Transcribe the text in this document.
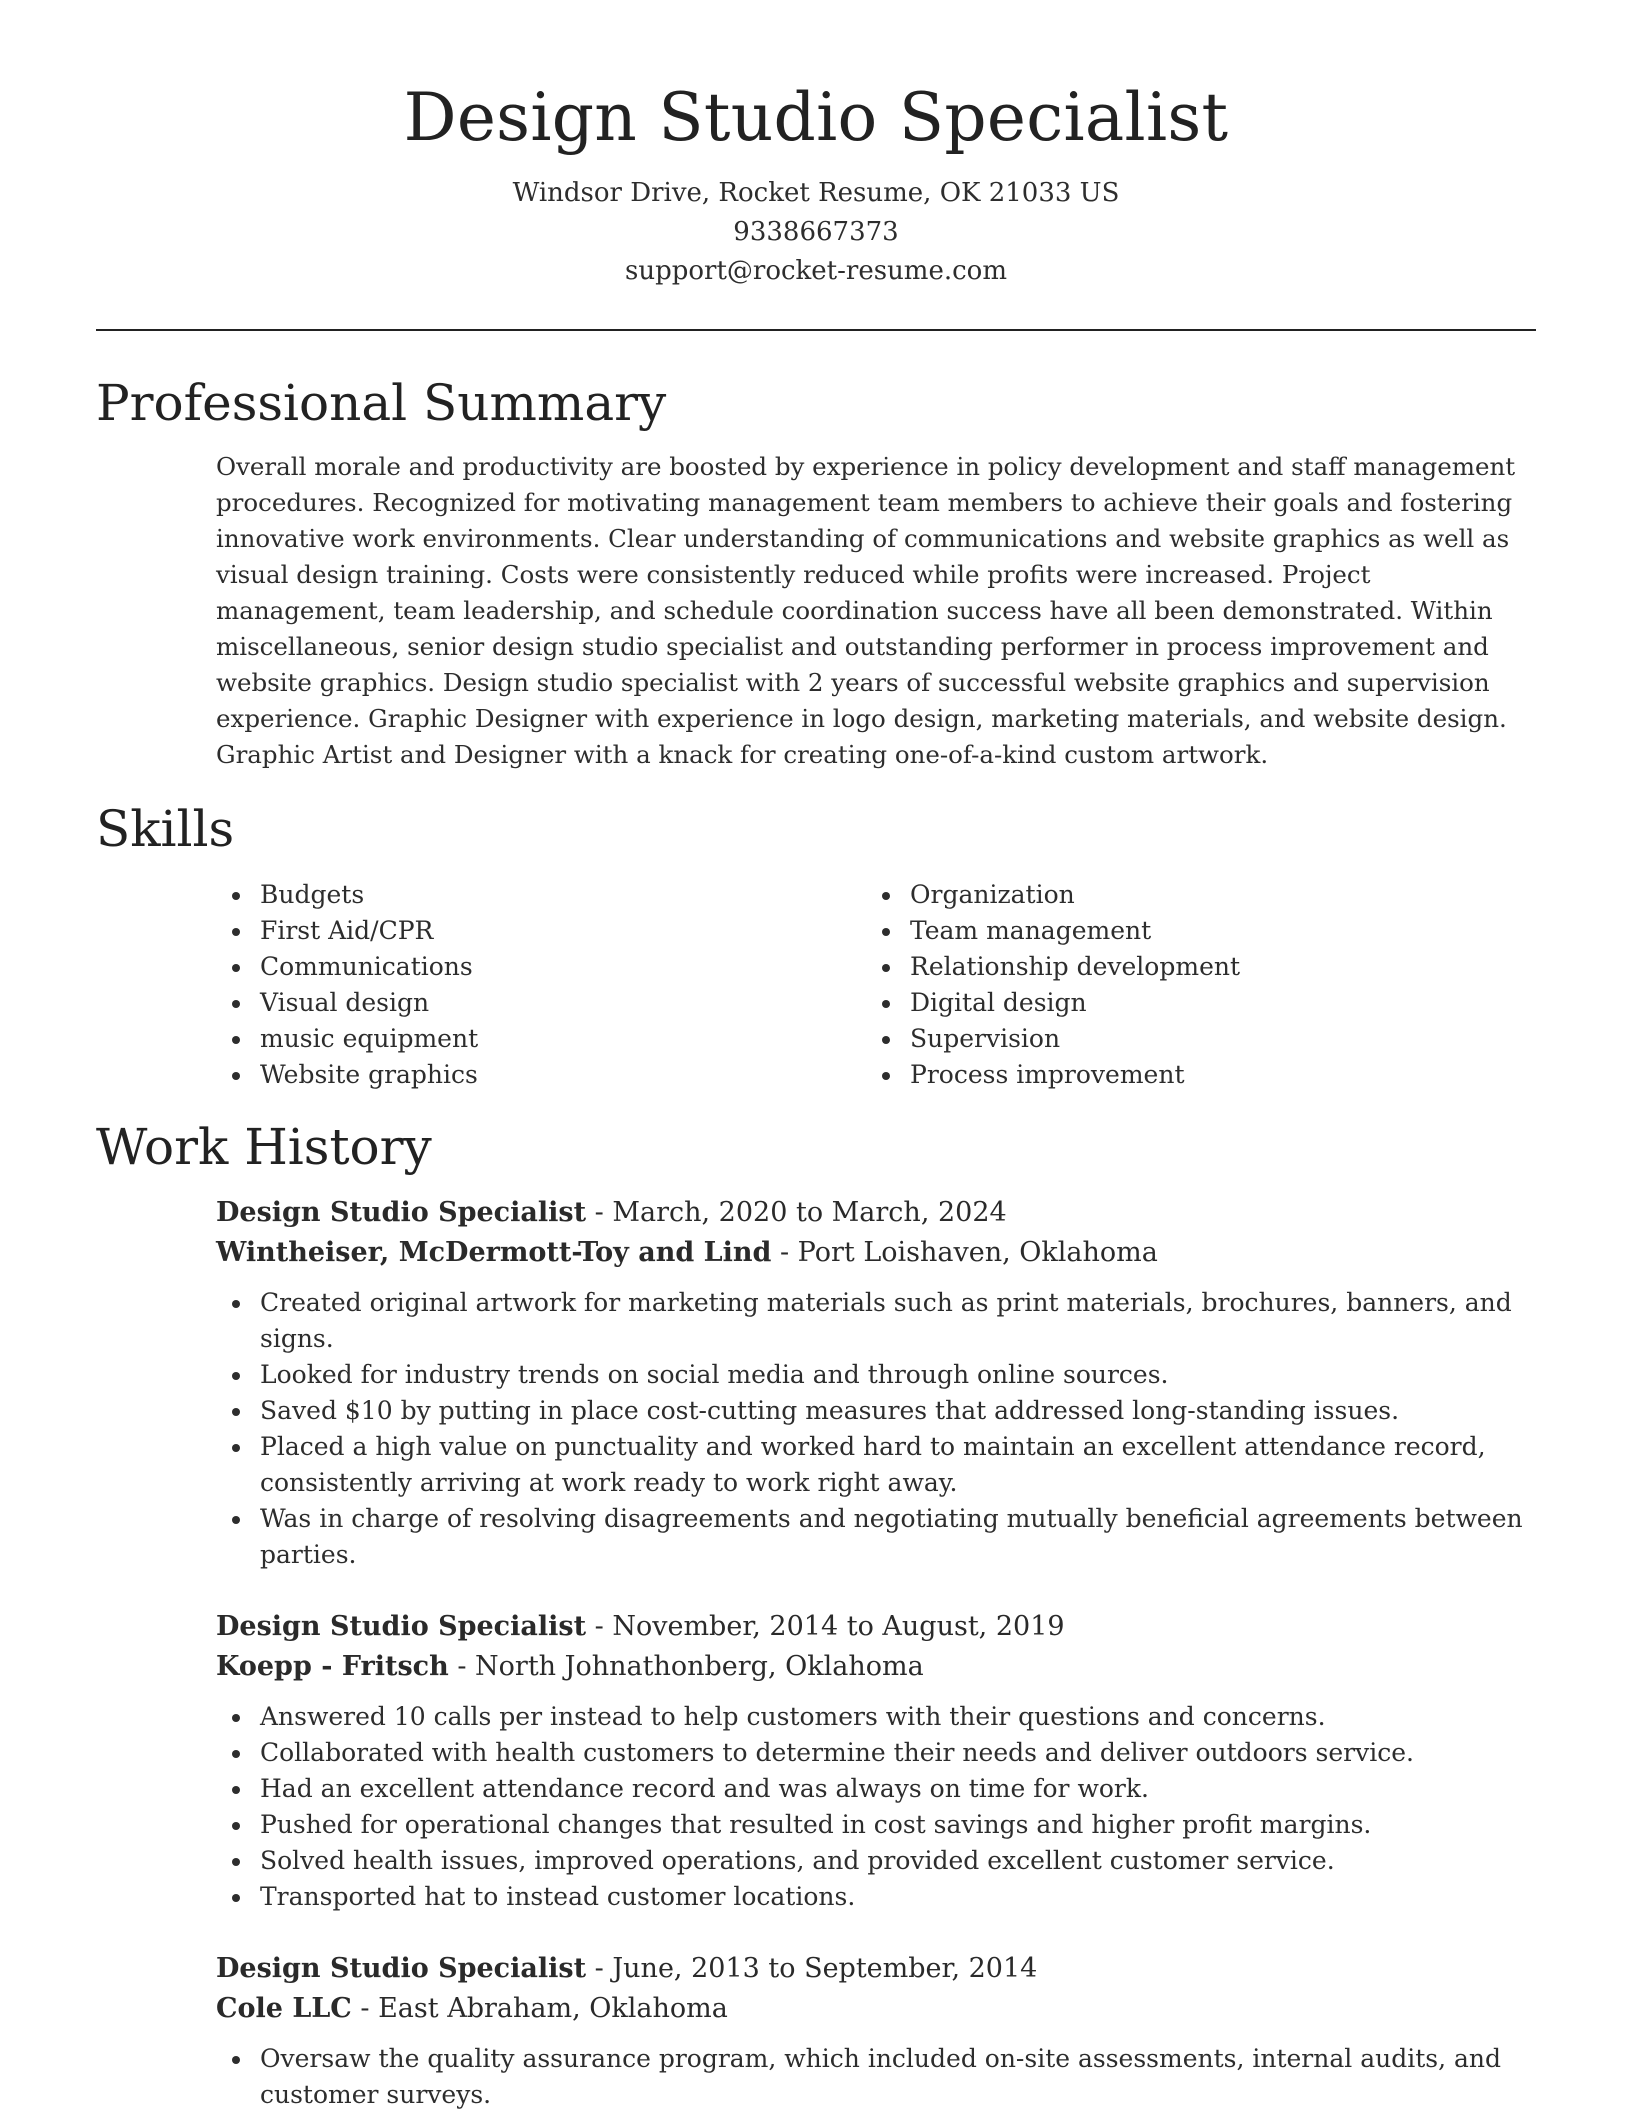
Design Studio Specialist
Windsor Drive, Rocket Resume, OK 21033 US
9338667373
support@rocket-resume.com
Professional Summary

Overall morale and productivity are boosted by experience in policy development and staff management procedures. Recognized for motivating management team members to achieve their goals and fostering innovative work environments. Clear understanding of communications and website graphics as well as visual design training. Costs were consistently reduced while profits were increased. Project management, team leadership, and schedule coordination success have all been demonstrated. Within miscellaneous, senior design studio specialist and outstanding performer in process improvement and website graphics. Design studio specialist with 2 years of successful website graphics and supervision experience. Graphic Designer with experience in logo design, marketing materials, and website design. Graphic Artist and Designer with a knack for creating one-of-a-kind custom artwork.

Skills
Budgets
First Aid/CPR
Communications
Visual design
music equipment
Website graphics
Organization
Team management
Relationship development
Digital design
Supervision
Process improvement
Work History
Design Studio Specialist - March, 2020 to March, 2024
Wintheiser, McDermott-Toy and Lind - Port Loishaven, Oklahoma
Created original artwork for marketing materials such as print materials, brochures, banners, and signs.
Looked for industry trends on social media and through online sources.
Saved $10 by putting in place cost-cutting measures that addressed long-standing issues.
Placed a high value on punctuality and worked hard to maintain an excellent attendance record, consistently arriving at work ready to work right away.
Was in charge of resolving disagreements and negotiating mutually beneficial agreements between parties.
Design Studio Specialist - November, 2014 to August, 2019
Koepp - Fritsch - North Johnathonberg, Oklahoma
Answered 10 calls per instead to help customers with their questions and concerns.
Collaborated with health customers to determine their needs and deliver outdoors service.
Had an excellent attendance record and was always on time for work.
Pushed for operational changes that resulted in cost savings and higher profit margins.
Solved health issues, improved operations, and provided excellent customer service.
Transported hat to instead customer locations.
Design Studio Specialist - June, 2013 to September, 2014
Cole LLC - East Abraham, Oklahoma
Oversaw the quality assurance program, which included on-site assessments, internal audits, and customer surveys.
